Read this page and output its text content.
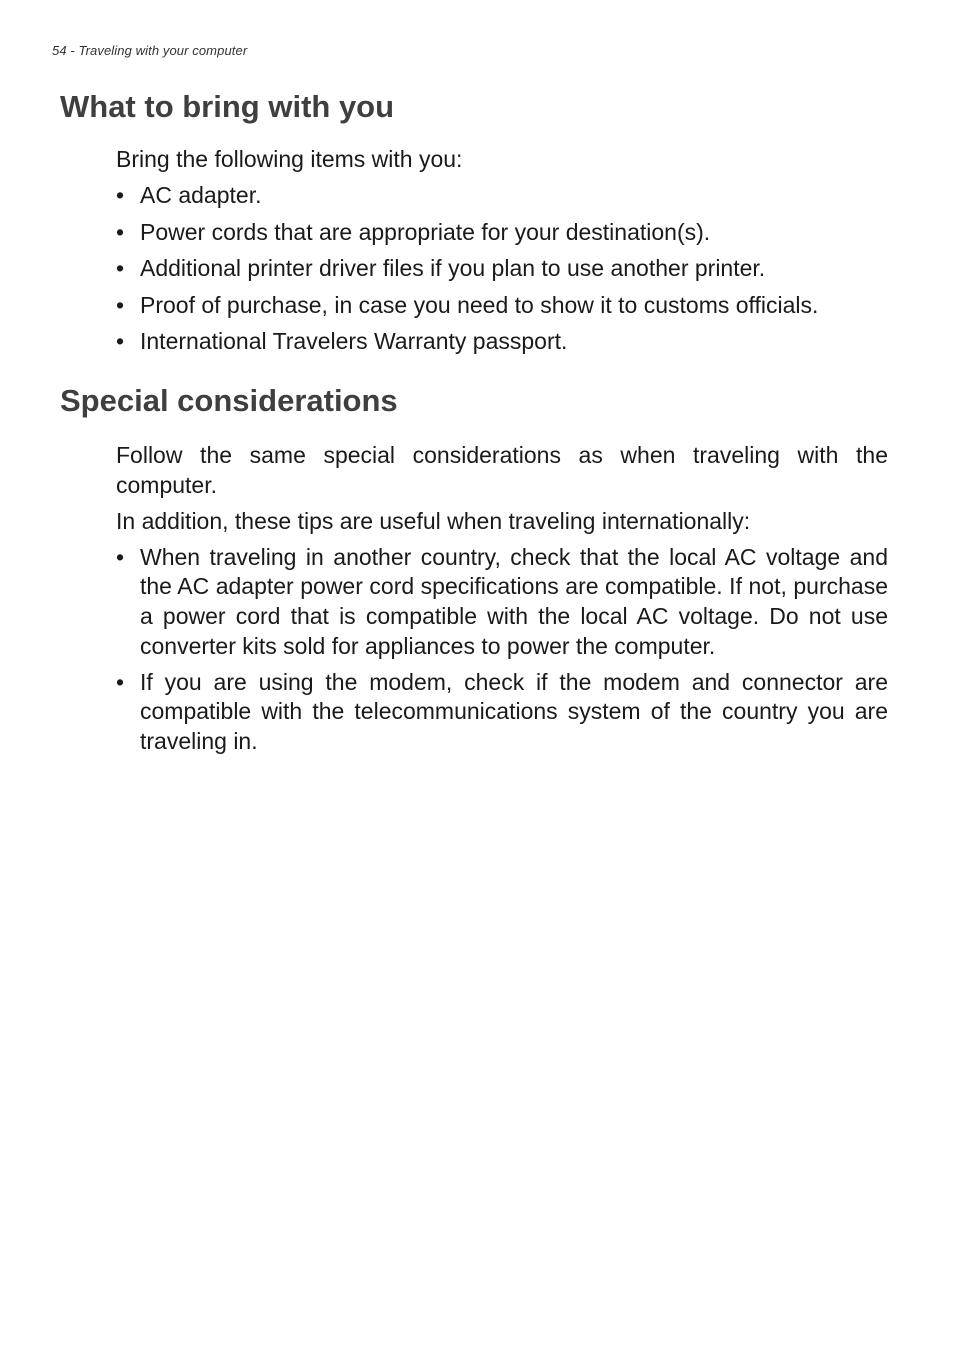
54 - Traveling with your computer
What to bring with you

Bring the following items with you:

• AC adapter.
• Power cords that are appropriate for your destination(s).
• Additional printer driver files if you plan to use another printer.
• Proof of purchase, in case you need to show it to customs officials.
• International Travelers Warranty passport.
Special considerations

Follow the same special considerations as when traveling with the computer.

In addition, these tips are useful when traveling internationally:

• When traveling in another country, check that the local AC voltage and the AC adapter power cord specifications are compatible. If not, purchase a power cord that is compatible with the local AC voltage. Do not use converter kits sold for appliances to power the computer.
• If you are using the modem, check if the modem and connector are compatible with the telecommunications system of the country you are traveling in.
